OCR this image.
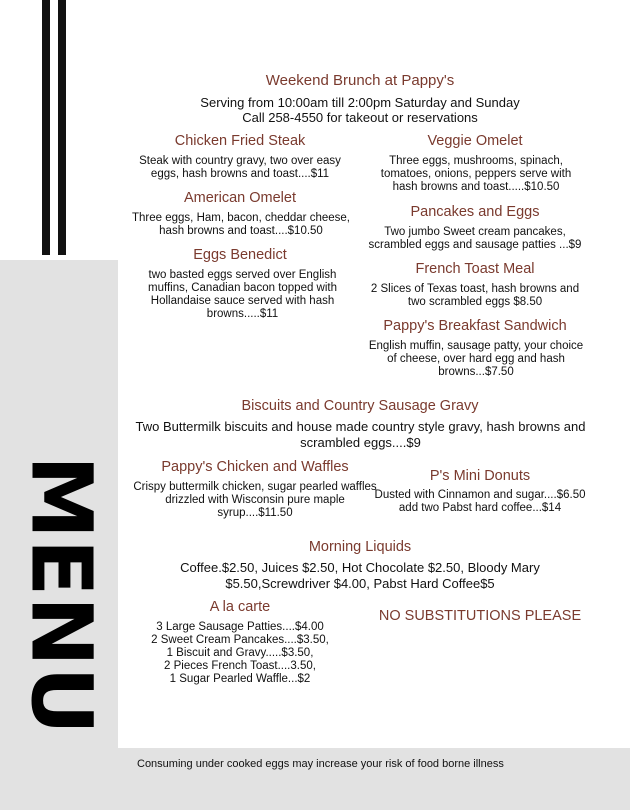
MENU
Consuming under cooked eggs may increase your risk of food borne illness
Weekend Brunch at Pappy's
Serving from 10:00am till 2:00pm Saturday and Sunday
Call 258-4550 for takeout or reservations
Chicken Fried Steak
Steak with country gravy, two over easy eggs, hash browns and toast....$11
American Omelet
Three eggs, Ham, bacon, cheddar cheese, hash browns and toast....$10.50
Eggs Benedict
two basted eggs served over English muffins, Canadian bacon topped with Hollandaise sauce served with hash browns.....$11
Veggie Omelet
Three eggs, mushrooms, spinach, tomatoes, onions, peppers serve with hash browns and toast.....$10.50
Pancakes and Eggs
Two jumbo Sweet cream pancakes, scrambled eggs and sausage patties ...$9
French Toast Meal
2 Slices of Texas toast, hash browns and two scrambled eggs $8.50
Pappy's Breakfast Sandwich
English muffin, sausage patty, your choice of cheese, over hard egg and hash browns...$7.50
Biscuits and Country Sausage Gravy
Two Buttermilk biscuits and house made country style gravy, hash browns and scrambled eggs....$9
Pappy's Chicken and Waffles
Crispy buttermilk chicken, sugar pearled waffles drizzled with Wisconsin pure maple syrup....$11.50
P's Mini Donuts
Dusted with Cinnamon and sugar....$6.50 add two Pabst hard coffee...$14
Morning Liquids
Coffee.$2.50, Juices $2.50, Hot Chocolate $2.50, Bloody Mary $5.50,Screwdriver $4.00, Pabst Hard Coffee$5
A la carte
3 Large Sausage Patties....$4.00
2 Sweet Cream Pancakes....$3.50,
1 Biscuit and Gravy.....$3.50,
2 Pieces French Toast....3.50,
1 Sugar Pearled Waffle...$2
NO SUBSTITUTIONS PLEASE
